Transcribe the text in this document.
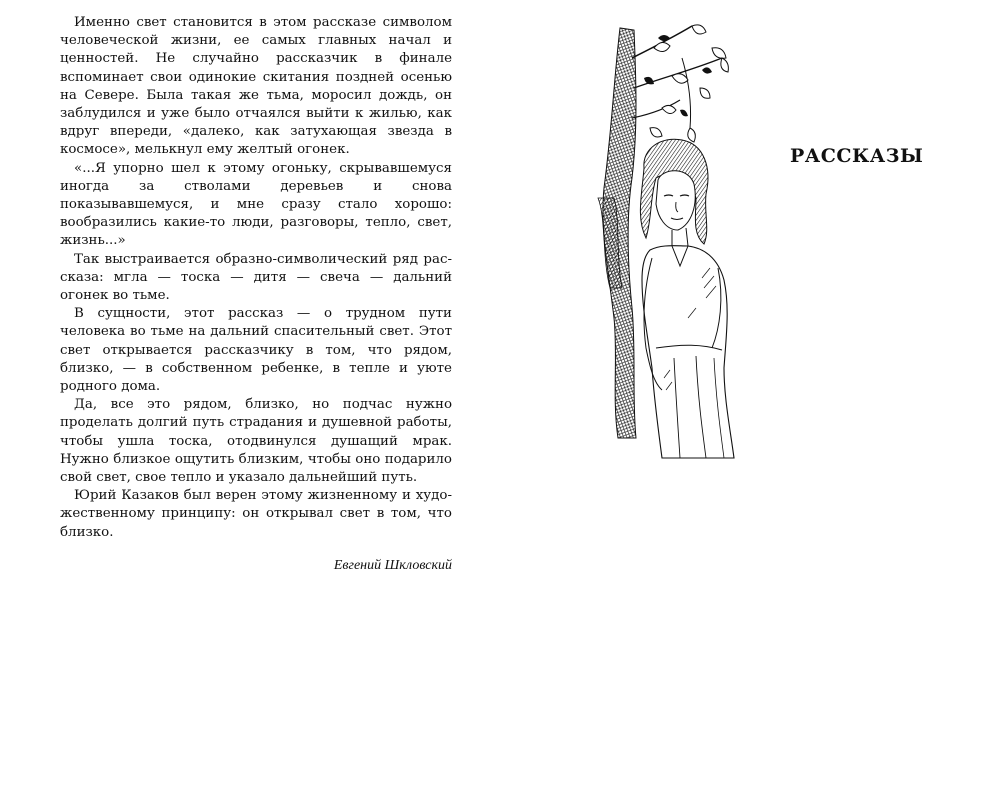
Именно свет становится в этом рассказе символом человеческой жизни, ее самых главных начал и ценностей. Не случайно рассказчик в финале вспоминает свои одинокие скитания поздней осенью на Севере. Была такая же тьма, моросил дождь, он заблудился и уже было отчаялся выйти к жилью, как вдруг впереди, «далеко, как затухающая звезда в космосе», мелькнул ему желтый огонек.

«...Я упорно шел к этому огоньку, скрывавшемуся иногда за стволами деревьев и снова показывавшемуся, и мне сразу стало хорошо: вообразились какие-то люди, разговоры, тепло, свет, жизнь...»

Так выстраивается образно-символический ряд рассказа: мгла — тоска — дитя — свеча — дальний огонек во тьме.

В сущности, этот рассказ — о трудном пути человека во тьме на дальний спасительный свет. Этот свет открывается рассказчику в том, что рядом, близко, — в собственном ребенке, в тепле и уюте родного дома.

Да, все это рядом, близко, но подчас нужно проделать долгий путь страдания и душевной работы, чтобы ушла тоска, отодвинулся душащий мрак. Нужно близкое ощутить близким, чтобы оно подарило свой свет, свое тепло и указало дальнейший путь.

Юрий Казаков был верен этому жизненному и художественному принципу: он открывал свет в том, что близко.

Евгений Шкловский
РАССКАЗЫ
